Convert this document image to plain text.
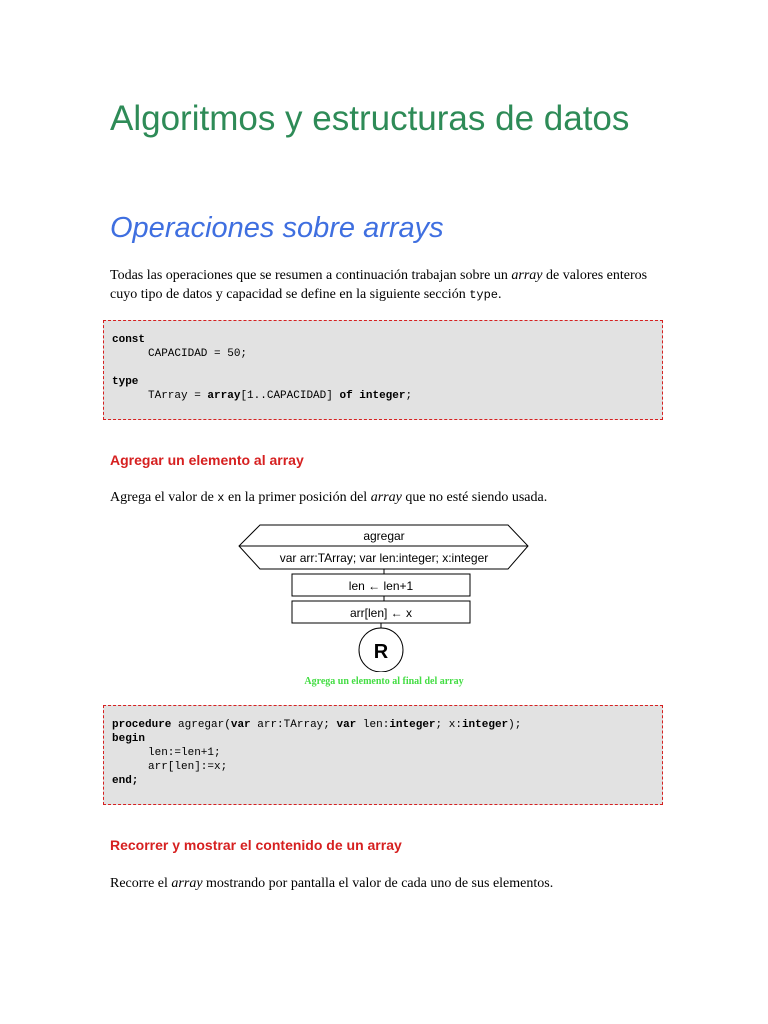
Algoritmos y estructuras de datos
Operaciones sobre arrays

Todas las operaciones que se resumen a continuación trabajan sobre un array de valores enteros cuyo tipo de datos y capacidad se define en la siguiente sección type.

const
CAPACIDAD = 50;
type
TArray = array[1..CAPACIDAD] of integer;
Agregar un elemento al array

Agrega el valor de x en la primer posición del array que no esté siendo usada.

agregar
var arr:TArray; var len:integer; x:integer
len ← len+1
arr[len] ← x
R
Agrega un elemento al final del array
procedure agregar(var arr:TArray; var len:integer; x:integer);
begin
len:=len+1;
arr[len]:=x;
end;
Recorrer y mostrar el contenido de un array

Recorre el array mostrando por pantalla el valor de cada uno de sus elementos.
